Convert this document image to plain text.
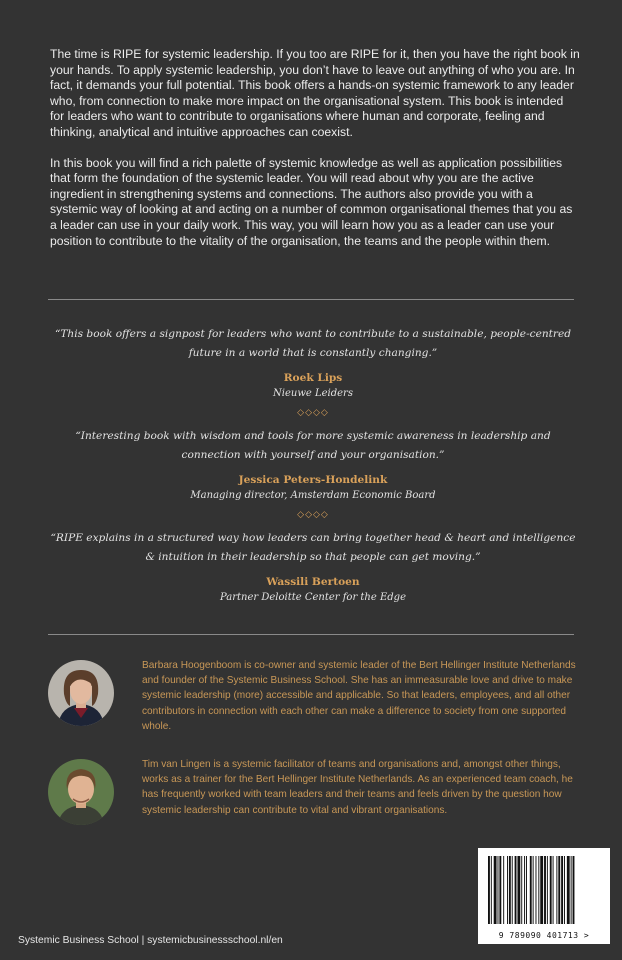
The time is RIPE for systemic leadership. If you too are RIPE for it, then you have the right book in your hands. To apply systemic leadership, you don’t have to leave out anything of who you are. In fact, it demands your full potential. This book offers a hands-on systemic framework to any leader who, from connection to make more impact on the organisational system. This book is intended for leaders who want to contribute to organisations where human and corporate, feeling and thinking, analytical and intuitive approaches can coexist.

In this book you will find a rich palette of systemic knowledge as well as application possibilities that form the foundation of the systemic leader. You will read about why you are the active ingredient in strengthening systems and connections. The authors also provide you with a systemic way of looking at and acting on a number of common organisational themes that you as a leader can use in your daily work. This way, you will learn how you as a leader can use your position to contribute to the vitality of the organisation, the teams and the people within them.

“This book offers a signpost for leaders who want to contribute to a sustainable, people-centred future in a world that is constantly changing.”

Roek Lips

Nieuwe Leiders

◇◇◇◇

“Interesting book with wisdom and tools for more systemic awareness in leadership and connection with yourself and your organisation.”

Jessica Peters-Hondelink

Managing director, Amsterdam Economic Board

◇◇◇◇

“RIPE explains in a structured way how leaders can bring together head & heart and intelligence & intuition in their leadership so that people can get moving.”

Wassili Bertoen

Partner Deloitte Center for the Edge

Barbara Hoogenboom is co-owner and systemic leader of the Bert Hellinger Institute Netherlands and founder of the Systemic Business School. She has an immeasurable love and drive to make systemic leadership (more) accessible and applicable. So that leaders, employees, and all other contributors in connection with each other can make a difference to society from one supported whole.
Tim van Lingen is a systemic facilitator of teams and organisations and, amongst other things, works as a trainer for the Bert Hellinger Institute Netherlands. As an experienced team coach, he has frequently worked with team leaders and their teams and feels driven by the question how systemic leadership can contribute to vital and vibrant organisations.
9 789090 401713 >
Systemic Business School | systemicbusinessschool.nl/en
